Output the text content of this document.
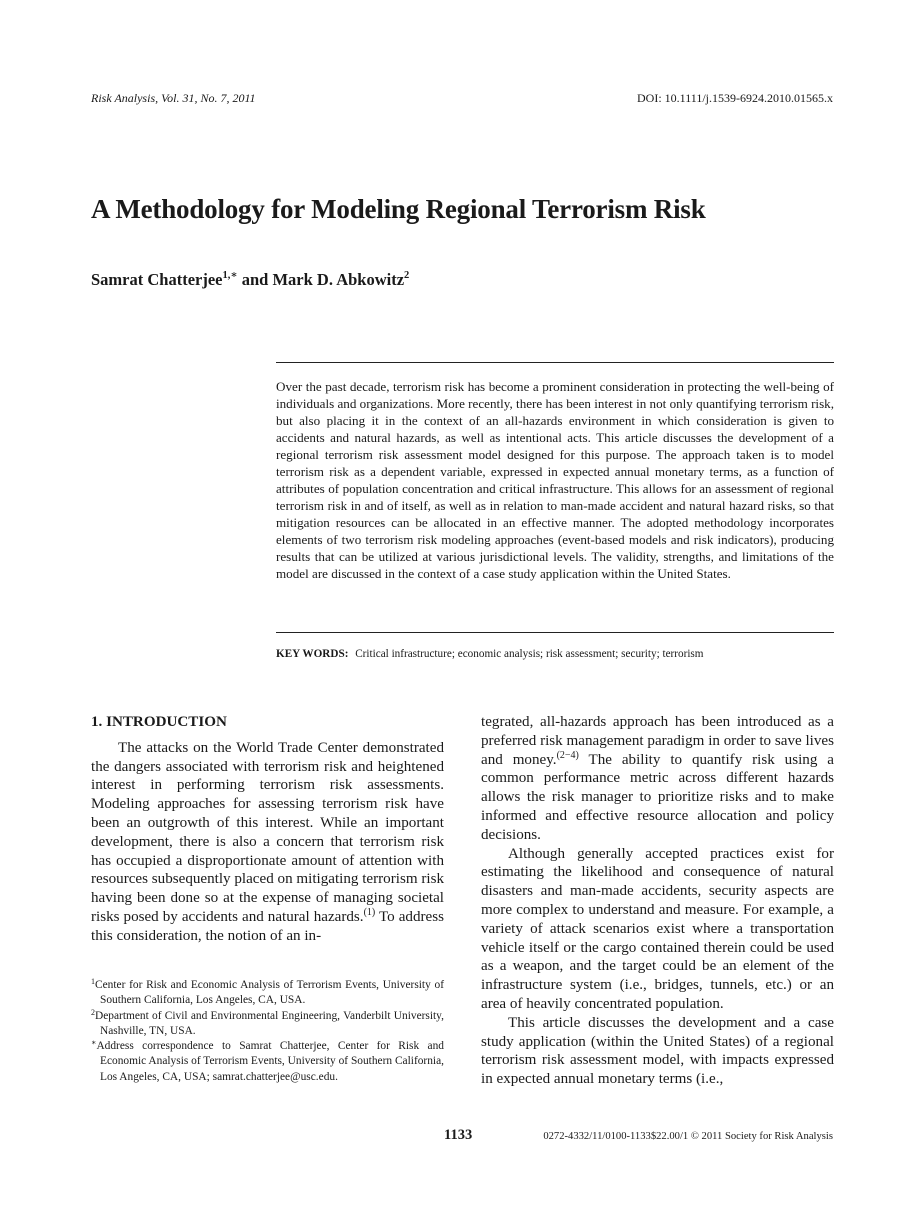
Risk Analysis, Vol. 31, No. 7, 2011	DOI: 10.1111/j.1539-6924.2010.01565.x
A Methodology for Modeling Regional Terrorism Risk
Samrat Chatterjee$^{1,∗}$ and Mark D. Abkowitz$^2$

Over the past decade, terrorism risk has become a prominent consideration in protecting the well-being of individuals and organizations. More recently, there has been interest in not only quantifying terrorism risk, but also placing it in the context of an all-hazards environment in which consideration is given to accidents and natural hazards, as well as intentional acts. This article discusses the development of a regional terrorism risk assessment model designed for this purpose. The approach taken is to model terrorism risk as a dependent variable, expressed in expected annual monetary terms, as a function of attributes of population concentration and critical infrastructure. This allows for an assessment of regional terrorism risk in and of itself, as well as in relation to man-made accident and natural hazard risks, so that mitigation resources can be allocated in an effective manner. The adopted methodology incorporates elements of two terrorism risk modeling approaches (event-based models and risk indicators), producing results that can be utilized at various jurisdictional levels. The validity, strengths, and limitations of the model are discussed in the context of a case study application within the United States.

KEY WORDS: Critical infrastructure; economic analysis; risk assessment; security; terrorism
1. INTRODUCTION

The attacks on the World Trade Center demonstrated the dangers associated with terrorism risk and heightened interest in performing terrorism risk assessments. Modeling approaches for assessing terrorism risk have been an outgrowth of this interest. While an important development, there is also a concern that terrorism risk has occupied a disproportionate amount of attention with resources subsequently placed on mitigating terrorism risk having been done so at the expense of managing societal risks posed by accidents and natural hazards.$^{(1)}$ To address this consideration, the notion of an in-

$^1$Center for Risk and Economic Analysis of Terrorism Events, University of Southern California, Los Angeles, CA, USA.
$^2$Department of Civil and Environmental Engineering, Vanderbilt University, Nashville, TN, USA.
∗Address correspondence to Samrat Chatterjee, Center for Risk and Economic Analysis of Terrorism Events, University of Southern California, Los Angeles, CA, USA; samrat.chatterjee@usc.edu.

tegrated, all-hazards approach has been introduced as a preferred risk management paradigm in order to save lives and money.$^{(2-4)}$ The ability to quantify risk using a common performance metric across different hazards allows the risk manager to prioritize risks and to make informed and effective resource allocation and policy decisions.

Although generally accepted practices exist for estimating the likelihood and consequence of natural disasters and man-made accidents, security aspects are more complex to understand and measure. For example, a variety of attack scenarios exist where a transportation vehicle itself or the cargo contained therein could be used as a weapon, and the target could be an element of the infrastructure system (i.e., bridges, tunnels, etc.) or an area of heavily concentrated population.

This article discusses the development and a case study application (within the United States) of a regional terrorism risk assessment model, with impacts expressed in expected annual monetary terms (i.e.,

1133	0272-4332/11/0100-1133$22.00/1 © 2011 Society for Risk Analysis
